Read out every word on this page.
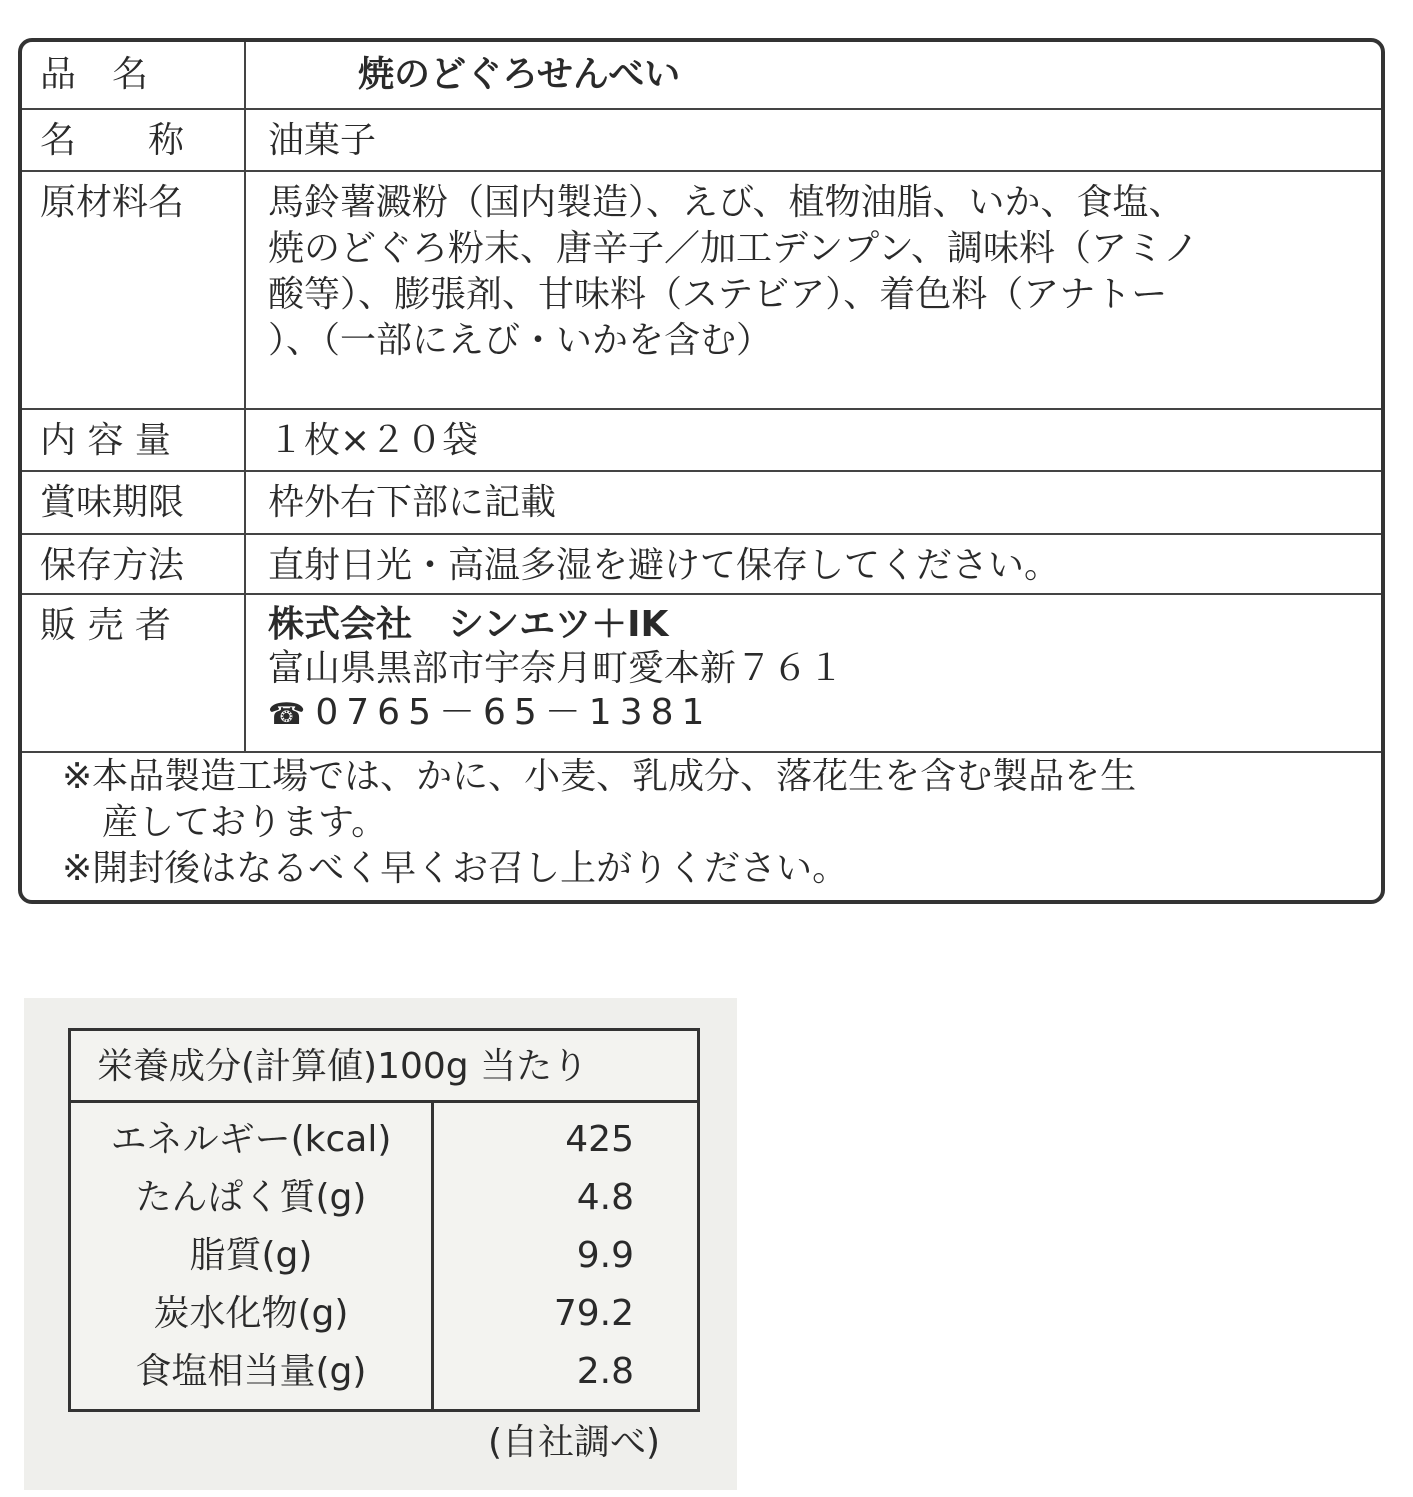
品　名	焼のどぐろせんべい
名　　称	油菓子
原材料名	馬鈴薯澱粉（国内製造）、えび、植物油脂、いか、食塩、
焼のどぐろ粉末、唐辛子／加工デンプン、調味料（アミノ
酸等）、膨張剤、甘味料（ステビア）、着色料（アナトー
）、（一部にえび・いかを含む）
内 容 量	１枚×２０袋
賞味期限	枠外右下部に記載
保存方法	直射日光・高温多湿を避けて保存してください。
販 売 者	株式会社　シンエツ＋IK
富山県黒部市宇奈月町愛本新７６１
☎ 0765－65－1381
※本品製造工場では、かに、小麦、乳成分、落花生を含む製品を生
産しております。
※開封後はなるべく早くお召し上がりください。
栄養成分(計算値)100g 当たり
エネルギー(kcal)	425
たんぱく質(g)	4.8
脂質(g)	9.9
炭水化物(g)	79.2
食塩相当量(g)	2.8
(自社調べ)
